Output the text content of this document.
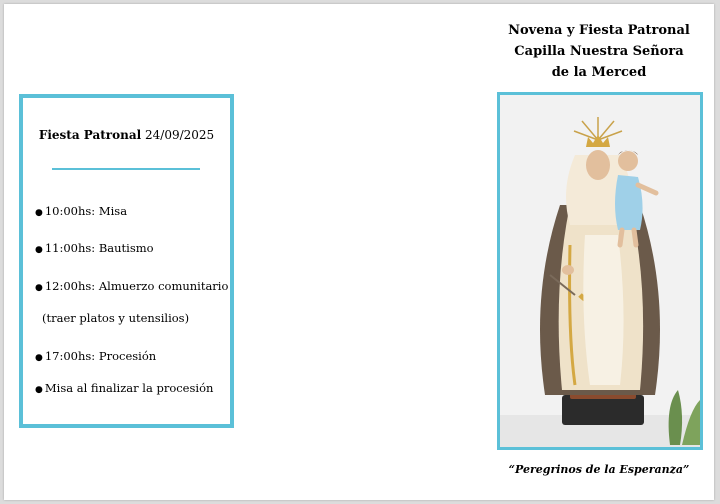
Fiesta Patronal 24/09/2025
● 10:00hs: Misa
● 11:00hs: Bautismo
● 12:00hs: Almuerzo comunitario
(traer platos y utensilios)
● 17:00hs: Procesión
● Misa al finalizar la procesión
Novena y Fiesta Patronal
Capilla Nuestra Señora
de la Merced
“Peregrinos de la Esperanza”
